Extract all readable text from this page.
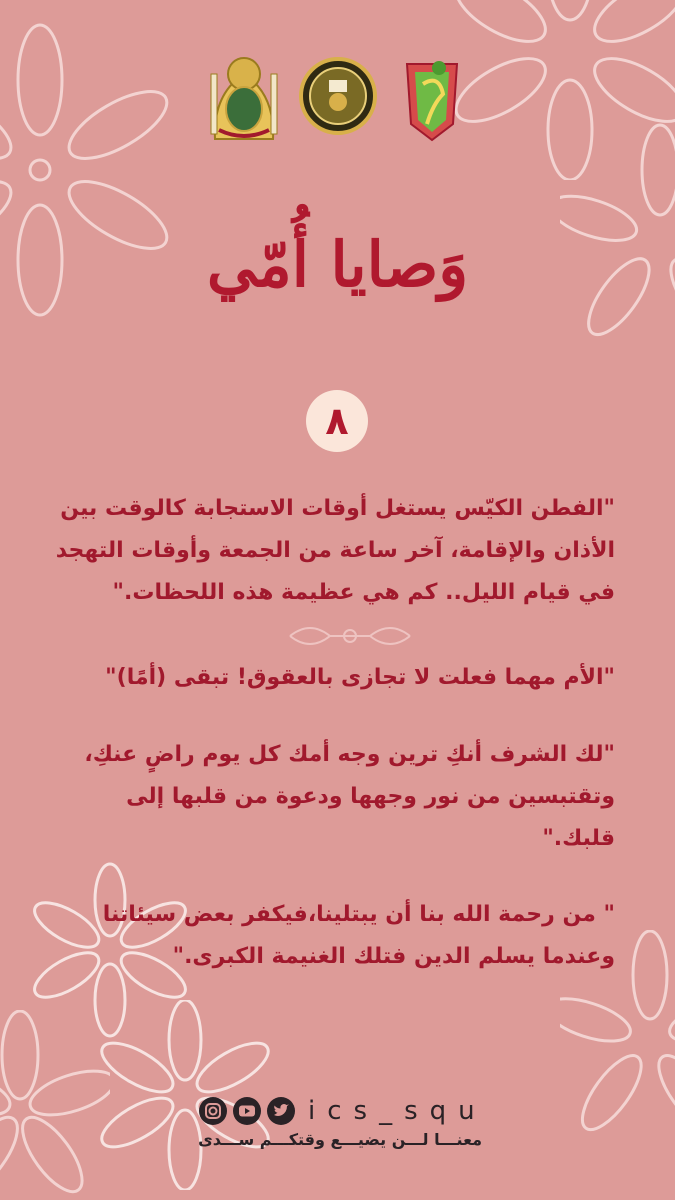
وَصايا أُمّي
٨

"الفطن الكيّس يستغل أوقات الاستجابة كالوقت بين الأذان والإقامة، آخر ساعة من الجمعة وأوقات التهجد في قيام الليل.. كم هي عظيمة هذه اللحظات."

"الأم مهما فعلت لا تجازى بالعقوق! تبقى (أمًا)"

"لك الشرف أنكِ ترين وجه أمك كل يوم راضٍ عنكِ، وتقتبسين من نور وجهها ودعوة من قلبها إلى قلبك."

" من رحمة الله بنا أن يبتلينا،فيكفر بعض سيئاتنا وعندما يسلم الدين فتلك الغنيمة الكبرى."

ics_squ
معنـــا لـــن يضيـــع وقتكـــم ســـدى
